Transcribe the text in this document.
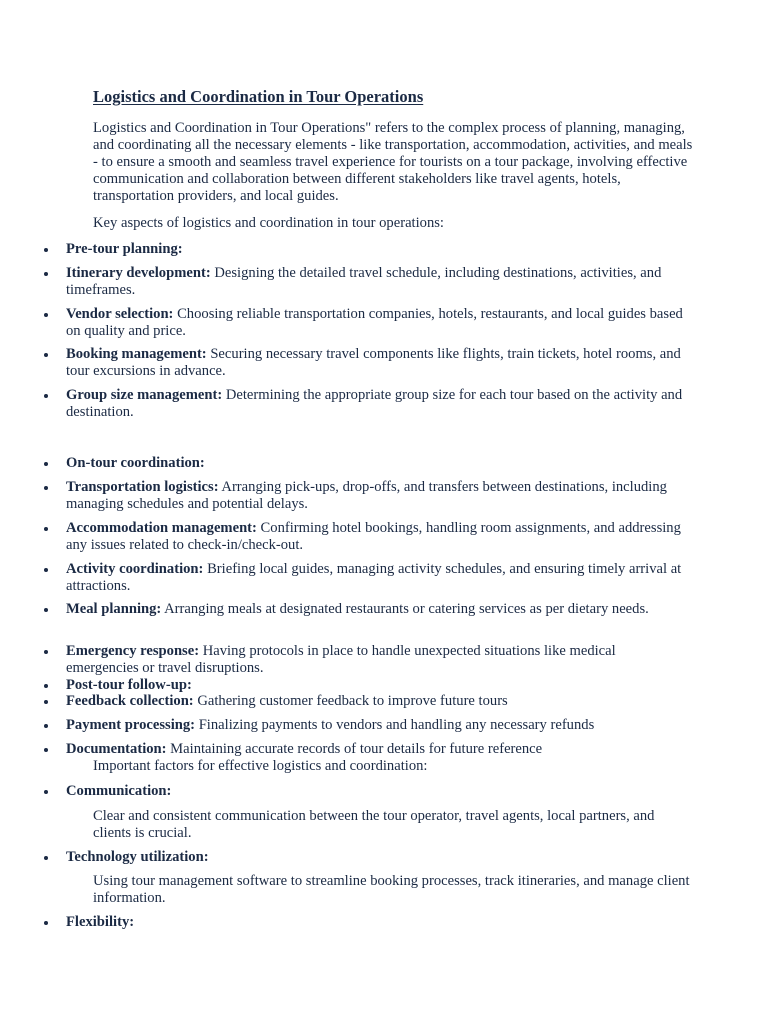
Logistics and Coordination in Tour Operations
Logistics and Coordination in Tour Operations" refers to the complex process of planning, managing, and coordinating all the necessary elements - like transportation, accommodation, activities, and meals - to ensure a smooth and seamless travel experience for tourists on a tour package, involving effective communication and collaboration between different stakeholders like travel agents, hotels, transportation providers, and local guides.
Key aspects of logistics and coordination in tour operations:
Pre-tour planning:
Itinerary development: Designing the detailed travel schedule, including destinations, activities, and timeframes.
Vendor selection: Choosing reliable transportation companies, hotels, restaurants, and local guides based on quality and price.
Booking management: Securing necessary travel components like flights, train tickets, hotel rooms, and tour excursions in advance.
Group size management: Determining the appropriate group size for each tour based on the activity and destination.
On-tour coordination:
Transportation logistics: Arranging pick-ups, drop-offs, and transfers between destinations, including managing schedules and potential delays.
Accommodation management: Confirming hotel bookings, handling room assignments, and addressing any issues related to check-in/check-out.
Activity coordination: Briefing local guides, managing activity schedules, and ensuring timely arrival at attractions.
Meal planning: Arranging meals at designated restaurants or catering services as per dietary needs.
Emergency response: Having protocols in place to handle unexpected situations like medical emergencies or travel disruptions.
Post-tour follow-up:
Feedback collection: Gathering customer feedback to improve future tours
Payment processing: Finalizing payments to vendors and handling any necessary refunds
Documentation: Maintaining accurate records of tour details for future reference
Important factors for effective logistics and coordination:
Communication:
Clear and consistent communication between the tour operator, travel agents, local partners, and clients is crucial.
Technology utilization:
Using tour management software to streamline booking processes, track itineraries, and manage client information.
Flexibility:
